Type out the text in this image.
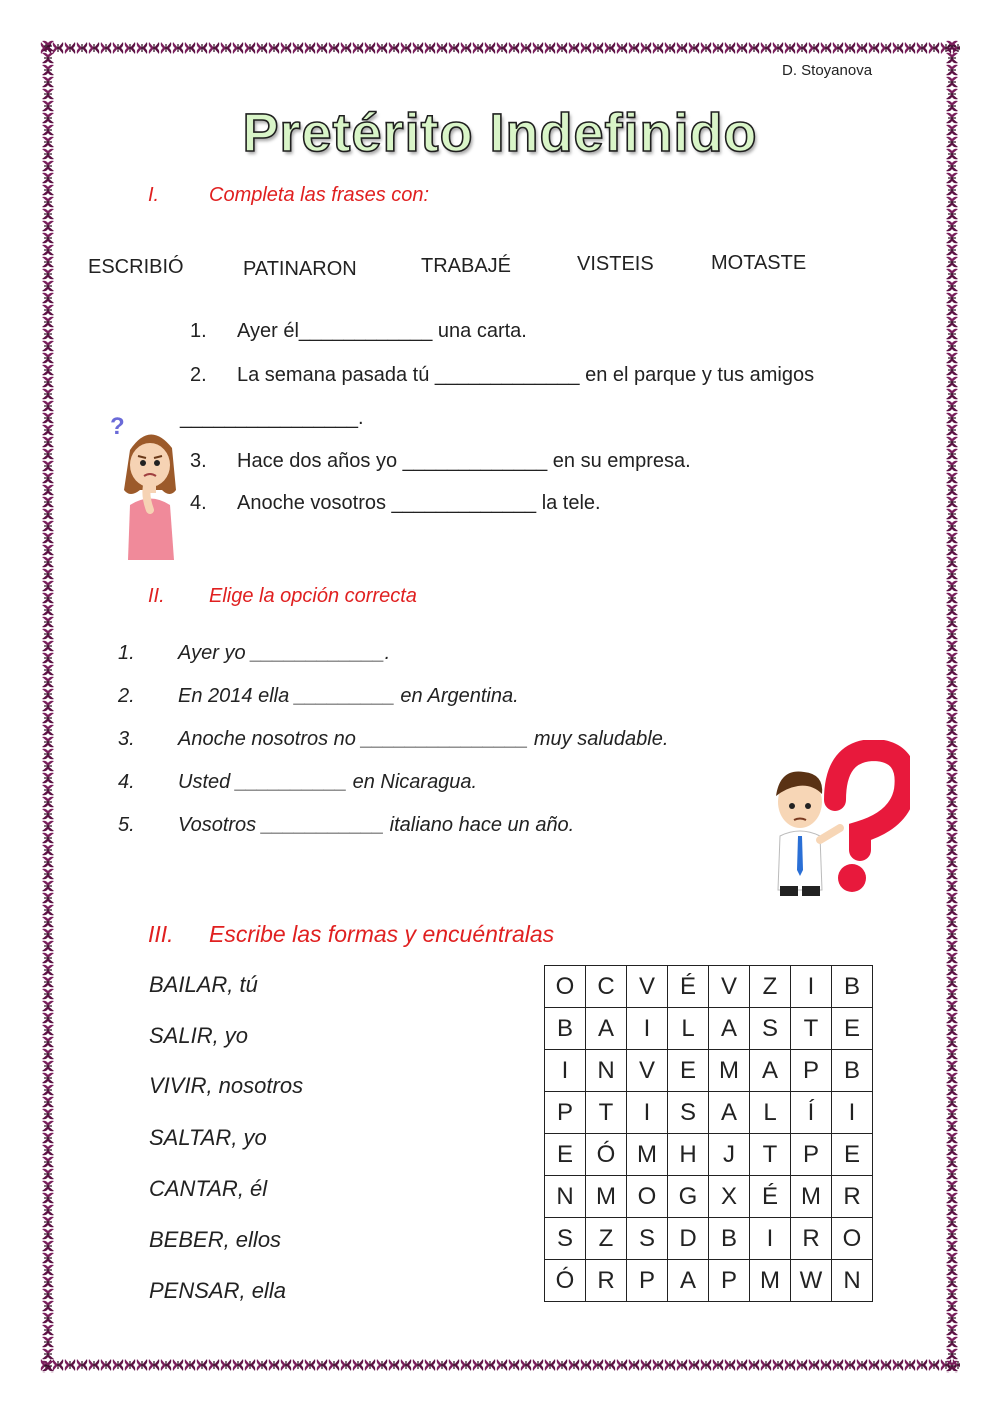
D. Stoyanova
Pretérito Indefinido
I. Completa las frases con:
ESCRIBIÓ	PATINARON	TRABAJÉ	VISTEIS	MOTASTE
1. Ayer él____________ una carta.
2. La semana pasada tú _____________ en el parque y tus amigos
________________.
3. Hace dos años yo _____________ en su empresa.
4. Anoche vosotros _____________ la tele.
?
II. Elige la opción correcta
1. Ayer yo ____________.
2. En 2014 ella _________ en Argentina.
3. Anoche nosotros no _______________ muy saludable.
4. Usted __________ en Nicaragua.
5. Vosotros ___________ italiano hace un año.
III. Escribe las formas y encuéntralas
BAILAR, tú
SALIR, yo
VIVIR, nosotros
SALTAR, yo
CANTAR, él
BEBER, ellos
PENSAR, ella
O	C	V	É	V	Z	I	B
B	A	I	L	A	S	T	E
I	N	V	E	M	A	P	B
P	T	I	S	A	L	Í	I
E	Ó	M	H	J	T	P	E
N	M	O	G	X	É	M	R
S	Z	S	D	B	I	R	O
Ó	R	P	A	P	M	W	N
